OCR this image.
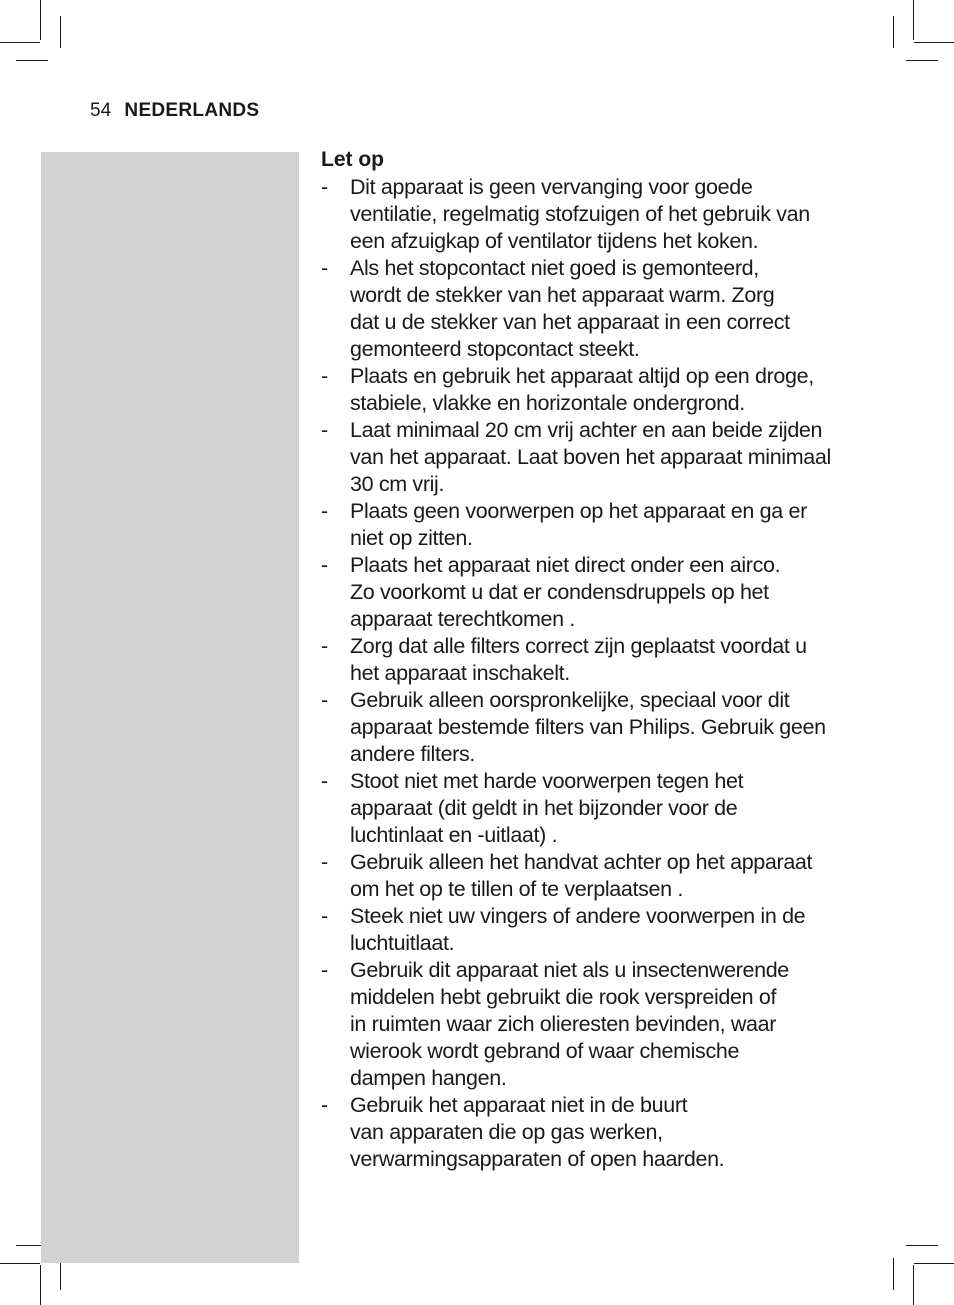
54 NEDERLANDS
Let op
- Dit apparaat is geen vervanging voor goede
ventilatie, regelmatig stofzuigen of het gebruik van
een afzuigkap of ventilator tijdens het koken.
- Als het stopcontact niet goed is gemonteerd,
wordt de stekker van het apparaat warm. Zorg
dat u de stekker van het apparaat in een correct
gemonteerd stopcontact steekt.
- Plaats en gebruik het apparaat altijd op een droge,
stabiele, vlakke en horizontale ondergrond.
- Laat minimaal 20 cm vrij achter en aan beide zijden
van het apparaat. Laat boven het apparaat minimaal
30 cm vrij.
- Plaats geen voorwerpen op het apparaat en ga er
niet op zitten.
- Plaats het apparaat niet direct onder een airco.
Zo voorkomt u dat er condensdruppels op het
apparaat terechtkomen .
- Zorg dat alle filters correct zijn geplaatst voordat u
het apparaat inschakelt.
- Gebruik alleen oorspronkelijke, speciaal voor dit
apparaat bestemde filters van Philips. Gebruik geen
andere filters.
- Stoot niet met harde voorwerpen tegen het
apparaat (dit geldt in het bijzonder voor de
luchtinlaat en -uitlaat) .
- Gebruik alleen het handvat achter op het apparaat
om het op te tillen of te verplaatsen .
- Steek niet uw vingers of andere voorwerpen in de
luchtuitlaat.
- Gebruik dit apparaat niet als u insectenwerende
middelen hebt gebruikt die rook verspreiden of
in ruimten waar zich olieresten bevinden, waar
wierook wordt gebrand of waar chemische
dampen hangen.
- Gebruik het apparaat niet in de buurt
van apparaten die op gas werken,
verwarmingsapparaten of open haarden.
